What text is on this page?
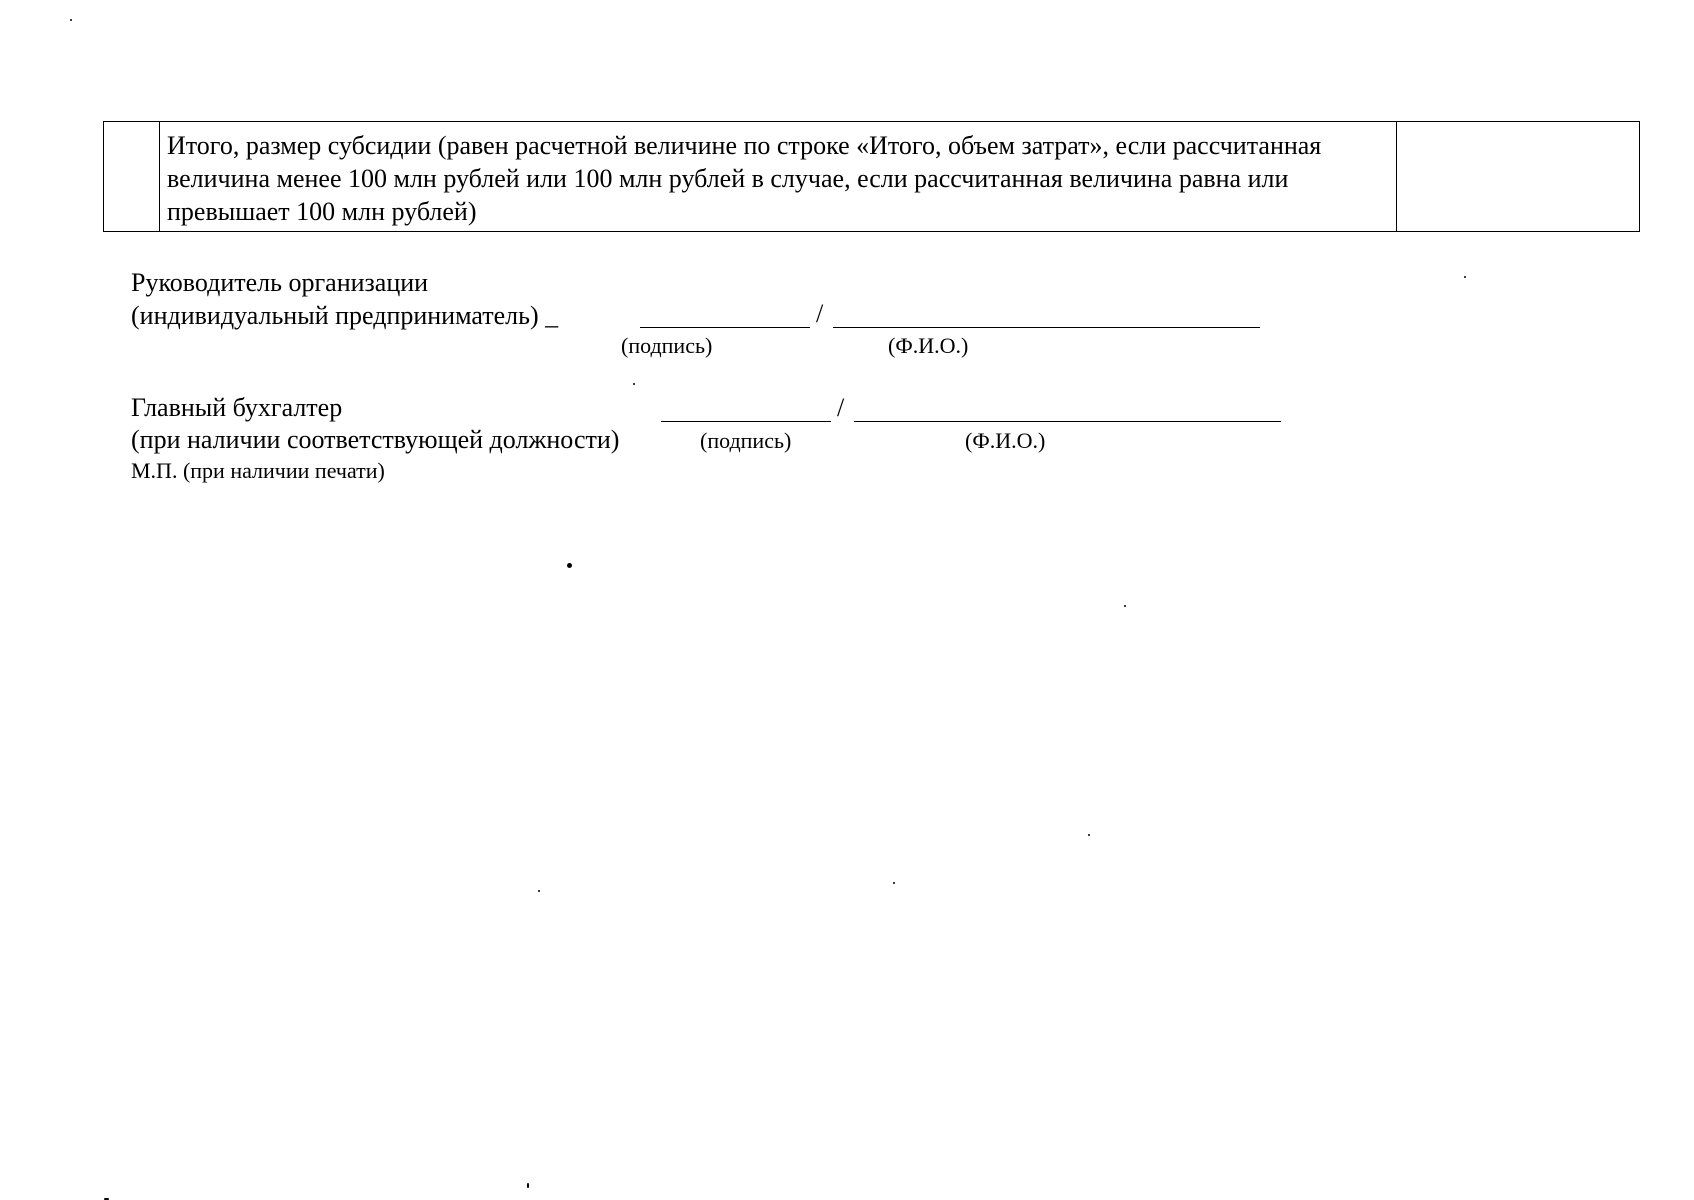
Итого, размер субсидии (равен расчетной величине по строке «Итого, объем затрат», если рассчитанная величина менее 100 млн рублей или 100 млн рублей в случае, если рассчитанная величина равна или превышает 100 млн рублей)
Руководитель организации
(индивидуальный предприниматель) _	/
(подпись)	(Ф.И.О.)
Главный бухгалтер	/
(при наличии соответствующей должности)	(подпись)	(Ф.И.О.)
М.П. (при наличии печати)
